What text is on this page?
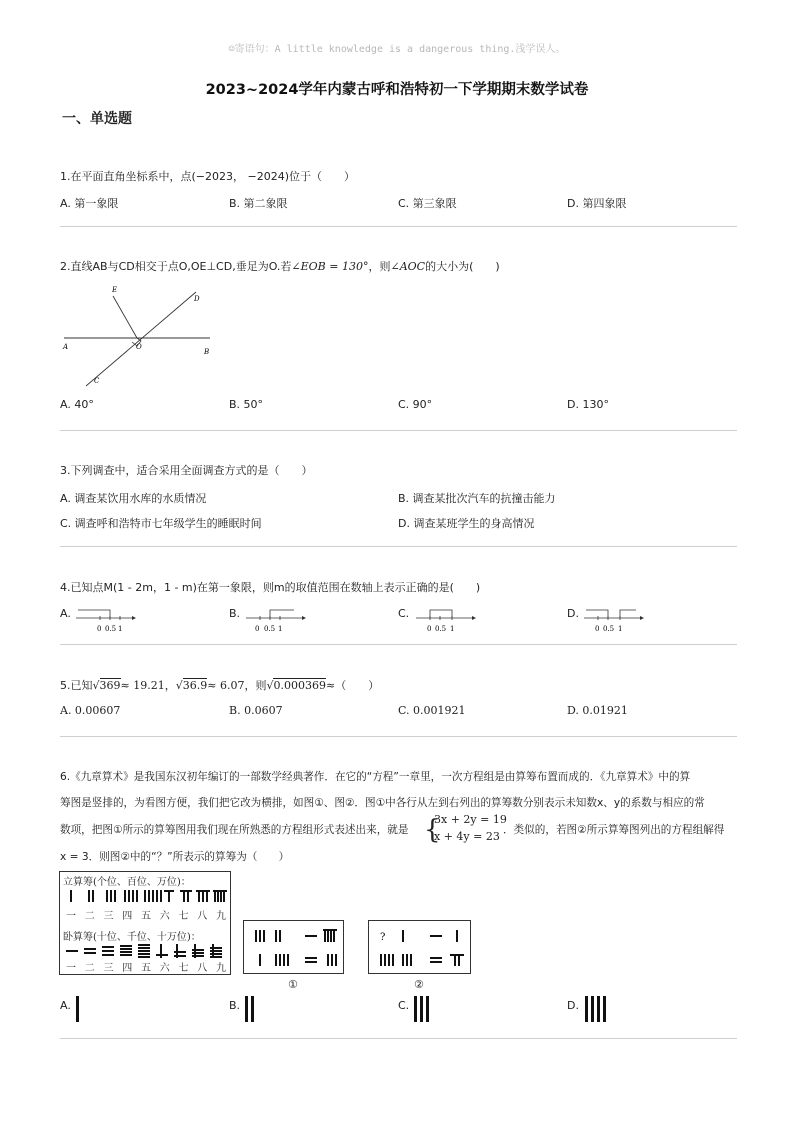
☺寄语句：A little knowledge is a dangerous thing.浅学误人。
2023~2024学年内蒙古呼和浩特初一下学期期末数学试卷
一、单选题
1.在平面直角坐标系中，点(−2023， −2024)位于（　　）
A. 第一象限	B. 第二象限	C. 第三象限	D. 第四象限
2.直线AB与CD相交于点O,OE⊥CD,垂足为O.若∠EOB = 130°，则∠AOC的大小为(　　)
E
D
A	O
B
C
A. 40°	B. 50°	C. 90°	D. 130°
3.下列调查中，适合采用全面调查方式的是（　　）
A. 调查某饮用水库的水质情况	B. 调查某批次汽车的抗撞击能力
C. 调查呼和浩特市七年级学生的睡眠时间	D. 调查某班学生的身高情况
4.已知点M(1 - 2m，1 - m)在第一象限，则m的取值范围在数轴上表示正确的是(　　)
A.
0 0.5 1
B.
0 0.5 1
C.
0 0.5 1
D.
0 0.5 1
5.已知√369≈ 19.21，√36.9≈ 6.07，则√0.000369≈（　　）
A. 0.00607	B. 0.0607	C. 0.001921	D. 0.01921
6.《九章算术》是我国东汉初年编订的一部数学经典著作．在它的“方程”一章里，一次方程组是由算筹布置而成的．《九章算术》中的算
筹图是竖排的，为看图方便，我们把它改为横排，如图①、图②．图①中各行从左到右列出的算筹数分别表示未知数x、y的系数与相应的常
数项，把图①所示的算筹图用我们现在所熟悉的方程组形式表述出来，就是 {
3x + 2y = 19
x + 4y = 23 ．类似的，若图②所示算筹图列出的方程组解得
x = 3．则图②中的“？”所表示的算筹为（　　）
立算筹(个位、百位、万位)：
一 二 三 四 五 六 七 八 九
卧算筹(十位、千位、十万位)：
一 二 三 四 五 六 七 八 九
①
?
②
A.	B.	C.	D.
